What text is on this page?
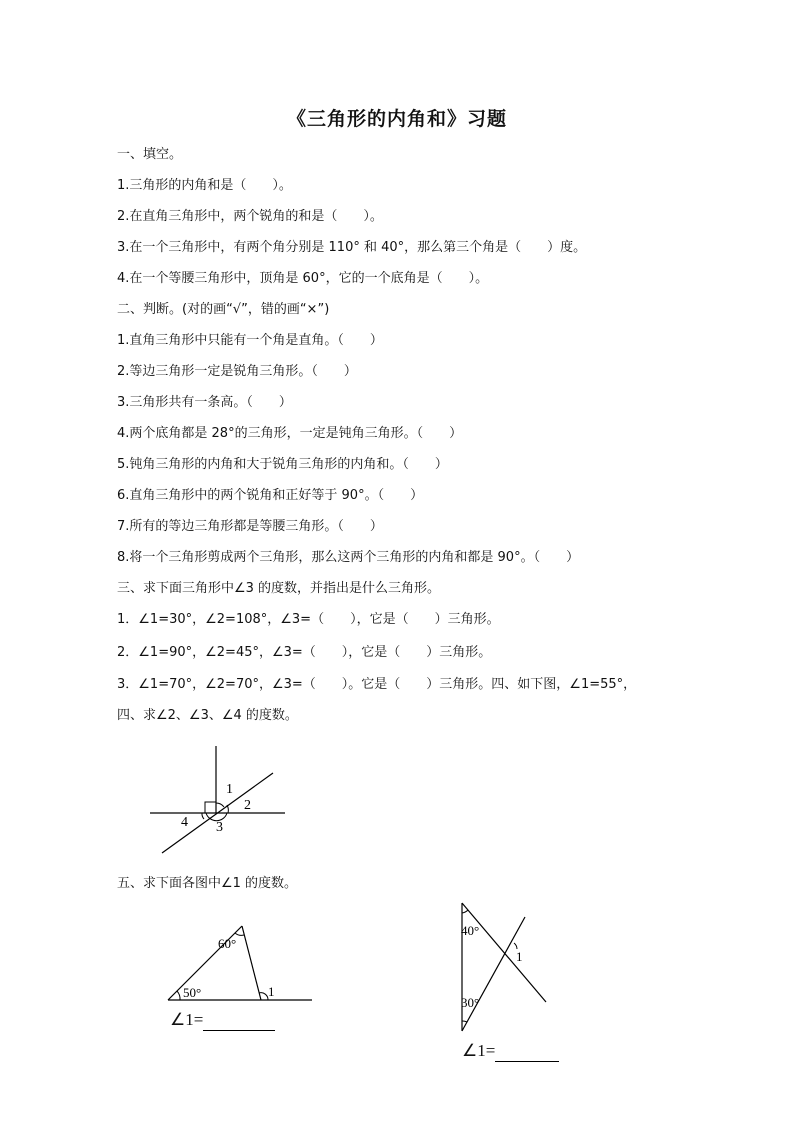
《三角形的内角和》习题
一、填空。
1.三角形的内角和是（　　）。
2.在直角三角形中，两个锐角的和是（　　）。
3.在一个三角形中，有两个角分别是 110° 和 40°，那么第三个角是（　　）度。
4.在一个等腰三角形中，顶角是 60°，它的一个底角是（　　）。
二、判断。(对的画“√”，错的画“×”)
1.直角三角形中只能有一个角是直角。（　　）
2.等边三角形一定是锐角三角形。（　　）
3.三角形共有一条高。（　　）
4.两个底角都是 28°的三角形，一定是钝角三角形。（　　）
5.钝角三角形的内角和大于锐角三角形的内角和。（　　）
6.直角三角形中的两个锐角和正好等于 90°。（　　）
7.所有的等边三角形都是等腰三角形。（　　）
8.将一个三角形剪成两个三角形，那么这两个三角形的内角和都是 90°。（　　）
三、求下面三角形中∠3 的度数，并指出是什么三角形。
1．∠1=30°，∠2=108°，∠3=（　　），它是（　　）三角形。
2．∠1=90°，∠2=45°，∠3=（　　），它是（　　）三角形。
3．∠1=70°，∠2=70°，∠3=（　　）。它是（　　）三角形。四、如下图，∠1=55°，
四、求∠2、∠3、∠4 的度数。
1
2
3
4
五、求下面各图中∠1 的度数。
60°
50°	1
∠1=
40°
30°
1
∠1=
